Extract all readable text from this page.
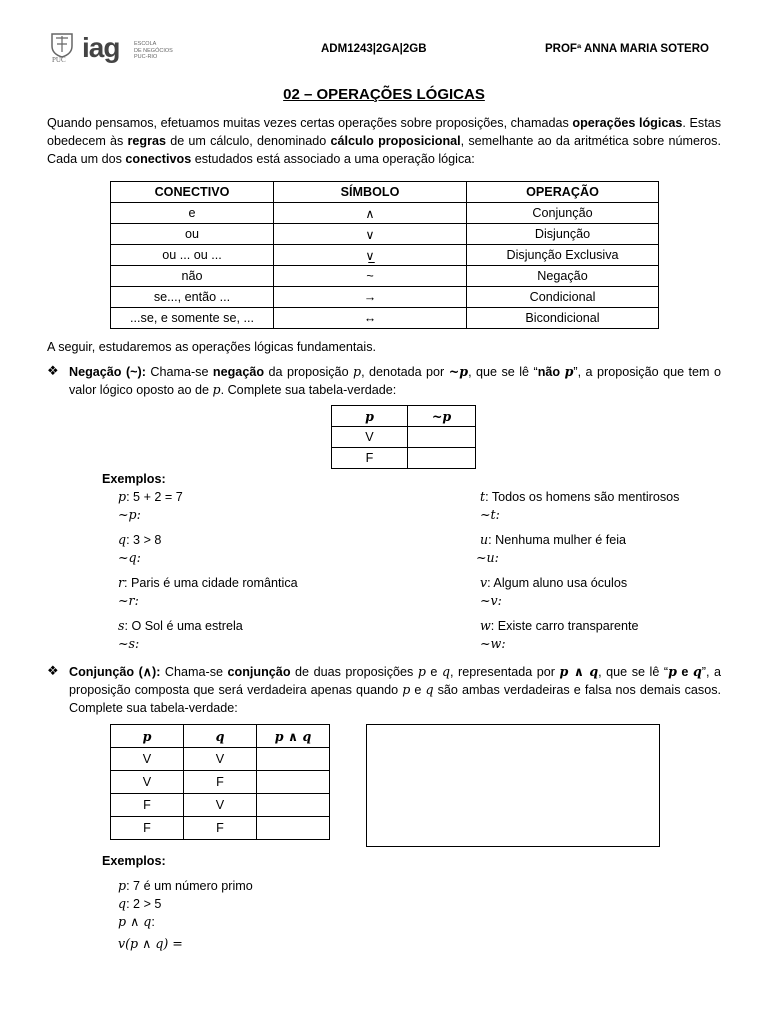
PUC iag	ESCOLA
DE NEGÓCIOS
PUC-RIO
ADM1243|2GA|2GB	PROFª ANNA MARIA SOTERO
02 – OPERAÇÕES LÓGICAS
Quando pensamos, efetuamos muitas vezes certas operações sobre proposições, chamadas operações lógicas. Estas obedecem às regras de um cálculo, denominado cálculo proposicional, semelhante ao da aritmética sobre números. Cada um dos conectivos estudados está associado a uma operação lógica:
CONECTIVO	SÍMBOLO	OPERAÇÃO
e	∧	Conjunção
ou	∨	Disjunção
ou ... ou ...	∨̲	Disjunção Exclusiva
não	~	Negação
se..., então ...	→	Condicional
...se, e somente se, ...	↔	Bicondicional
A seguir, estudaremos as operações lógicas fundamentais.
❖ Negação (~): Chama-se negação da proposição p, denotada por ~p, que se lê “não p”, a proposição que tem o valor lógico oposto ao de p. Complete sua tabela-verdade:
p	~p
V	
F	
Exemplos:
p: 5 + 2 = 7
~p:
q: 3 > 8
~q:
r: Paris é uma cidade romântica
~r:
s: O Sol é uma estrela
~s:
t: Todos os homens são mentirosos
~t:
u: Nenhuma mulher é feia
~u:
v: Algum aluno usa óculos
~v:
w: Existe carro transparente
~w:
❖ Conjunção (∧): Chama-se conjunção de duas proposições p e q, representada por p ∧ q, que se lê “p e q”, a proposição composta que será verdadeira apenas quando p e q são ambas verdadeiras e falsa nos demais casos. Complete sua tabela-verdade:
p	q	p ∧ q
V	V	
V	F	
F	V	
F	F	
Exemplos:
p: 7 é um número primo
q: 2 > 5
p ∧ q:
v(p ∧ q) =
